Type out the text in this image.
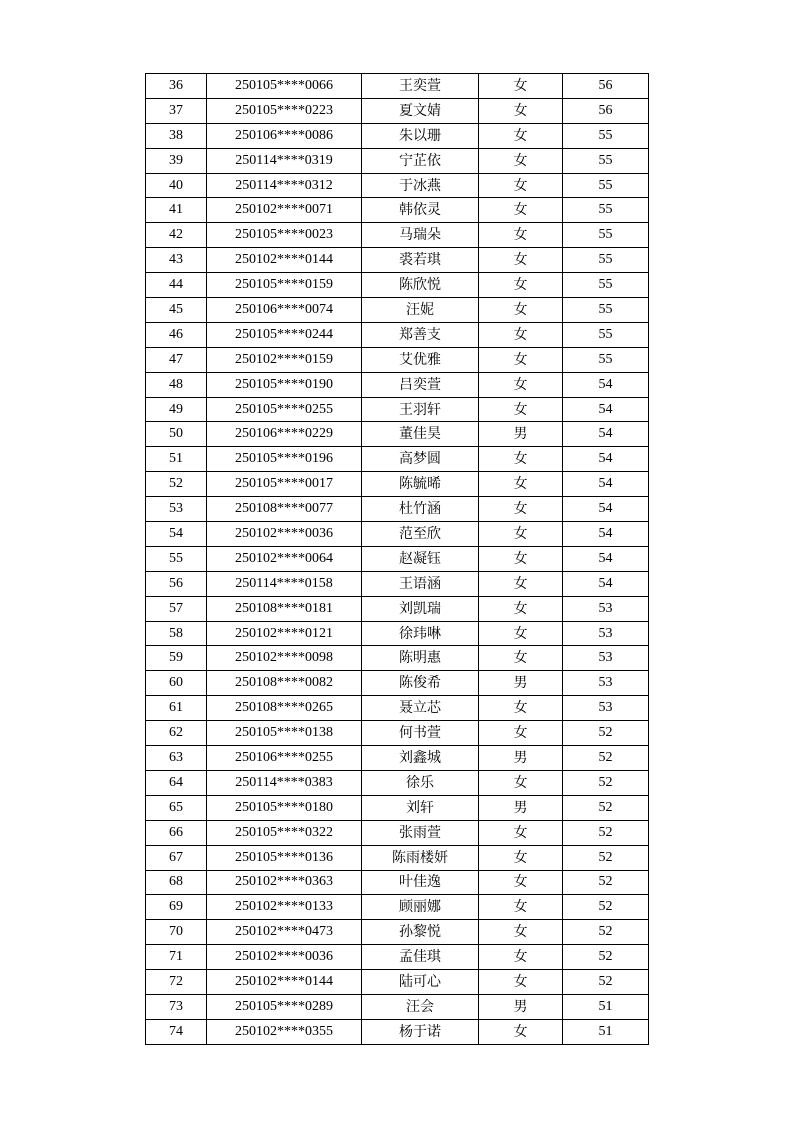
36	250105****0066	王奕萱	女	56
37	250105****0223	夏文婧	女	56
38	250106****0086	朱以珊	女	55
39	250114****0319	宁芷依	女	55
40	250114****0312	于冰燕	女	55
41	250102****0071	韩依灵	女	55
42	250105****0023	马瑞朵	女	55
43	250102****0144	裘若琪	女	55
44	250105****0159	陈欣悦	女	55
45	250106****0074	汪妮	女	55
46	250105****0244	郑善支	女	55
47	250102****0159	艾优雅	女	55
48	250105****0190	吕奕萱	女	54
49	250105****0255	王羽轩	女	54
50	250106****0229	董佳昊	男	54
51	250105****0196	高梦圆	女	54
52	250105****0017	陈毓晞	女	54
53	250108****0077	杜竹涵	女	54
54	250102****0036	范至欣	女	54
55	250102****0064	赵凝钰	女	54
56	250114****0158	王语涵	女	54
57	250108****0181	刘凯瑞	女	53
58	250102****0121	徐玮啉	女	53
59	250102****0098	陈明惠	女	53
60	250108****0082	陈俊希	男	53
61	250108****0265	聂立芯	女	53
62	250105****0138	何书萱	女	52
63	250106****0255	刘鑫城	男	52
64	250114****0383	徐乐	女	52
65	250105****0180	刘轩	男	52
66	250105****0322	张雨萱	女	52
67	250105****0136	陈雨楼妍	女	52
68	250102****0363	叶佳逸	女	52
69	250102****0133	顾丽娜	女	52
70	250102****0473	孙黎悦	女	52
71	250102****0036	孟佳琪	女	52
72	250102****0144	陆可心	女	52
73	250105****0289	汪会	男	51
74	250102****0355	杨于诺	女	51
